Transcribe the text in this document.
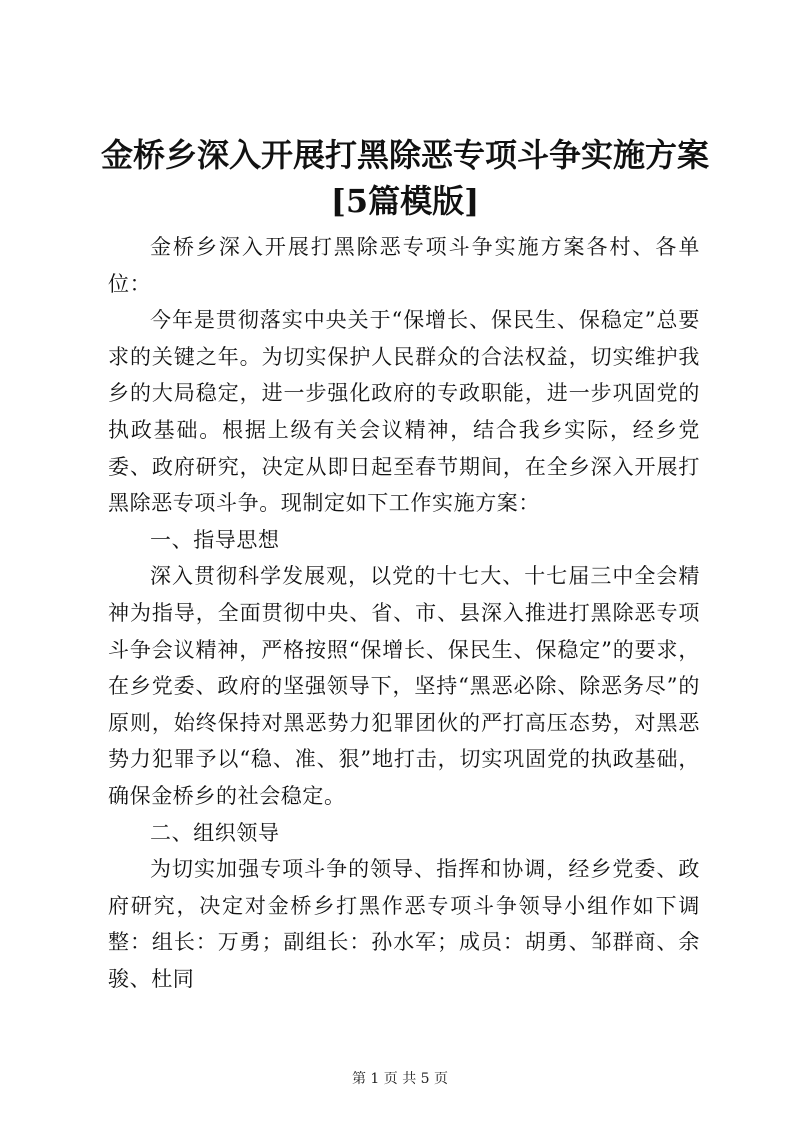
金桥乡深入开展打黑除恶专项斗争实施方案[5篇模版]

金桥乡深入开展打黑除恶专项斗争实施方案各村、各单位：

今年是贯彻落实中央关于“保增长、保民生、保稳定”总要求的关键之年。为切实保护人民群众的合法权益，切实维护我乡的大局稳定，进一步强化政府的专政职能，进一步巩固党的执政基础。根据上级有关会议精神，结合我乡实际，经乡党委、政府研究，决定从即日起至春节期间，在全乡深入开展打黑除恶专项斗争。现制定如下工作实施方案：

一、指导思想

深入贯彻科学发展观，以党的十七大、十七届三中全会精神为指导，全面贯彻中央、省、市、县深入推进打黑除恶专项斗争会议精神，严格按照“保增长、保民生、保稳定”的要求，在乡党委、政府的坚强领导下，坚持“黑恶必除、除恶务尽”的原则，始终保持对黑恶势力犯罪团伙的严打高压态势，对黑恶势力犯罪予以“稳、准、狠”地打击，切实巩固党的执政基础，确保金桥乡的社会稳定。

二、组织领导

为切实加强专项斗争的领导、指挥和协调，经乡党委、政府研究，决定对金桥乡打黑作恶专项斗争领导小组作如下调整：组长：万勇；副组长：孙水军；成员：胡勇、邹群商、余骏、杜同

第 1 页 共 5 页
